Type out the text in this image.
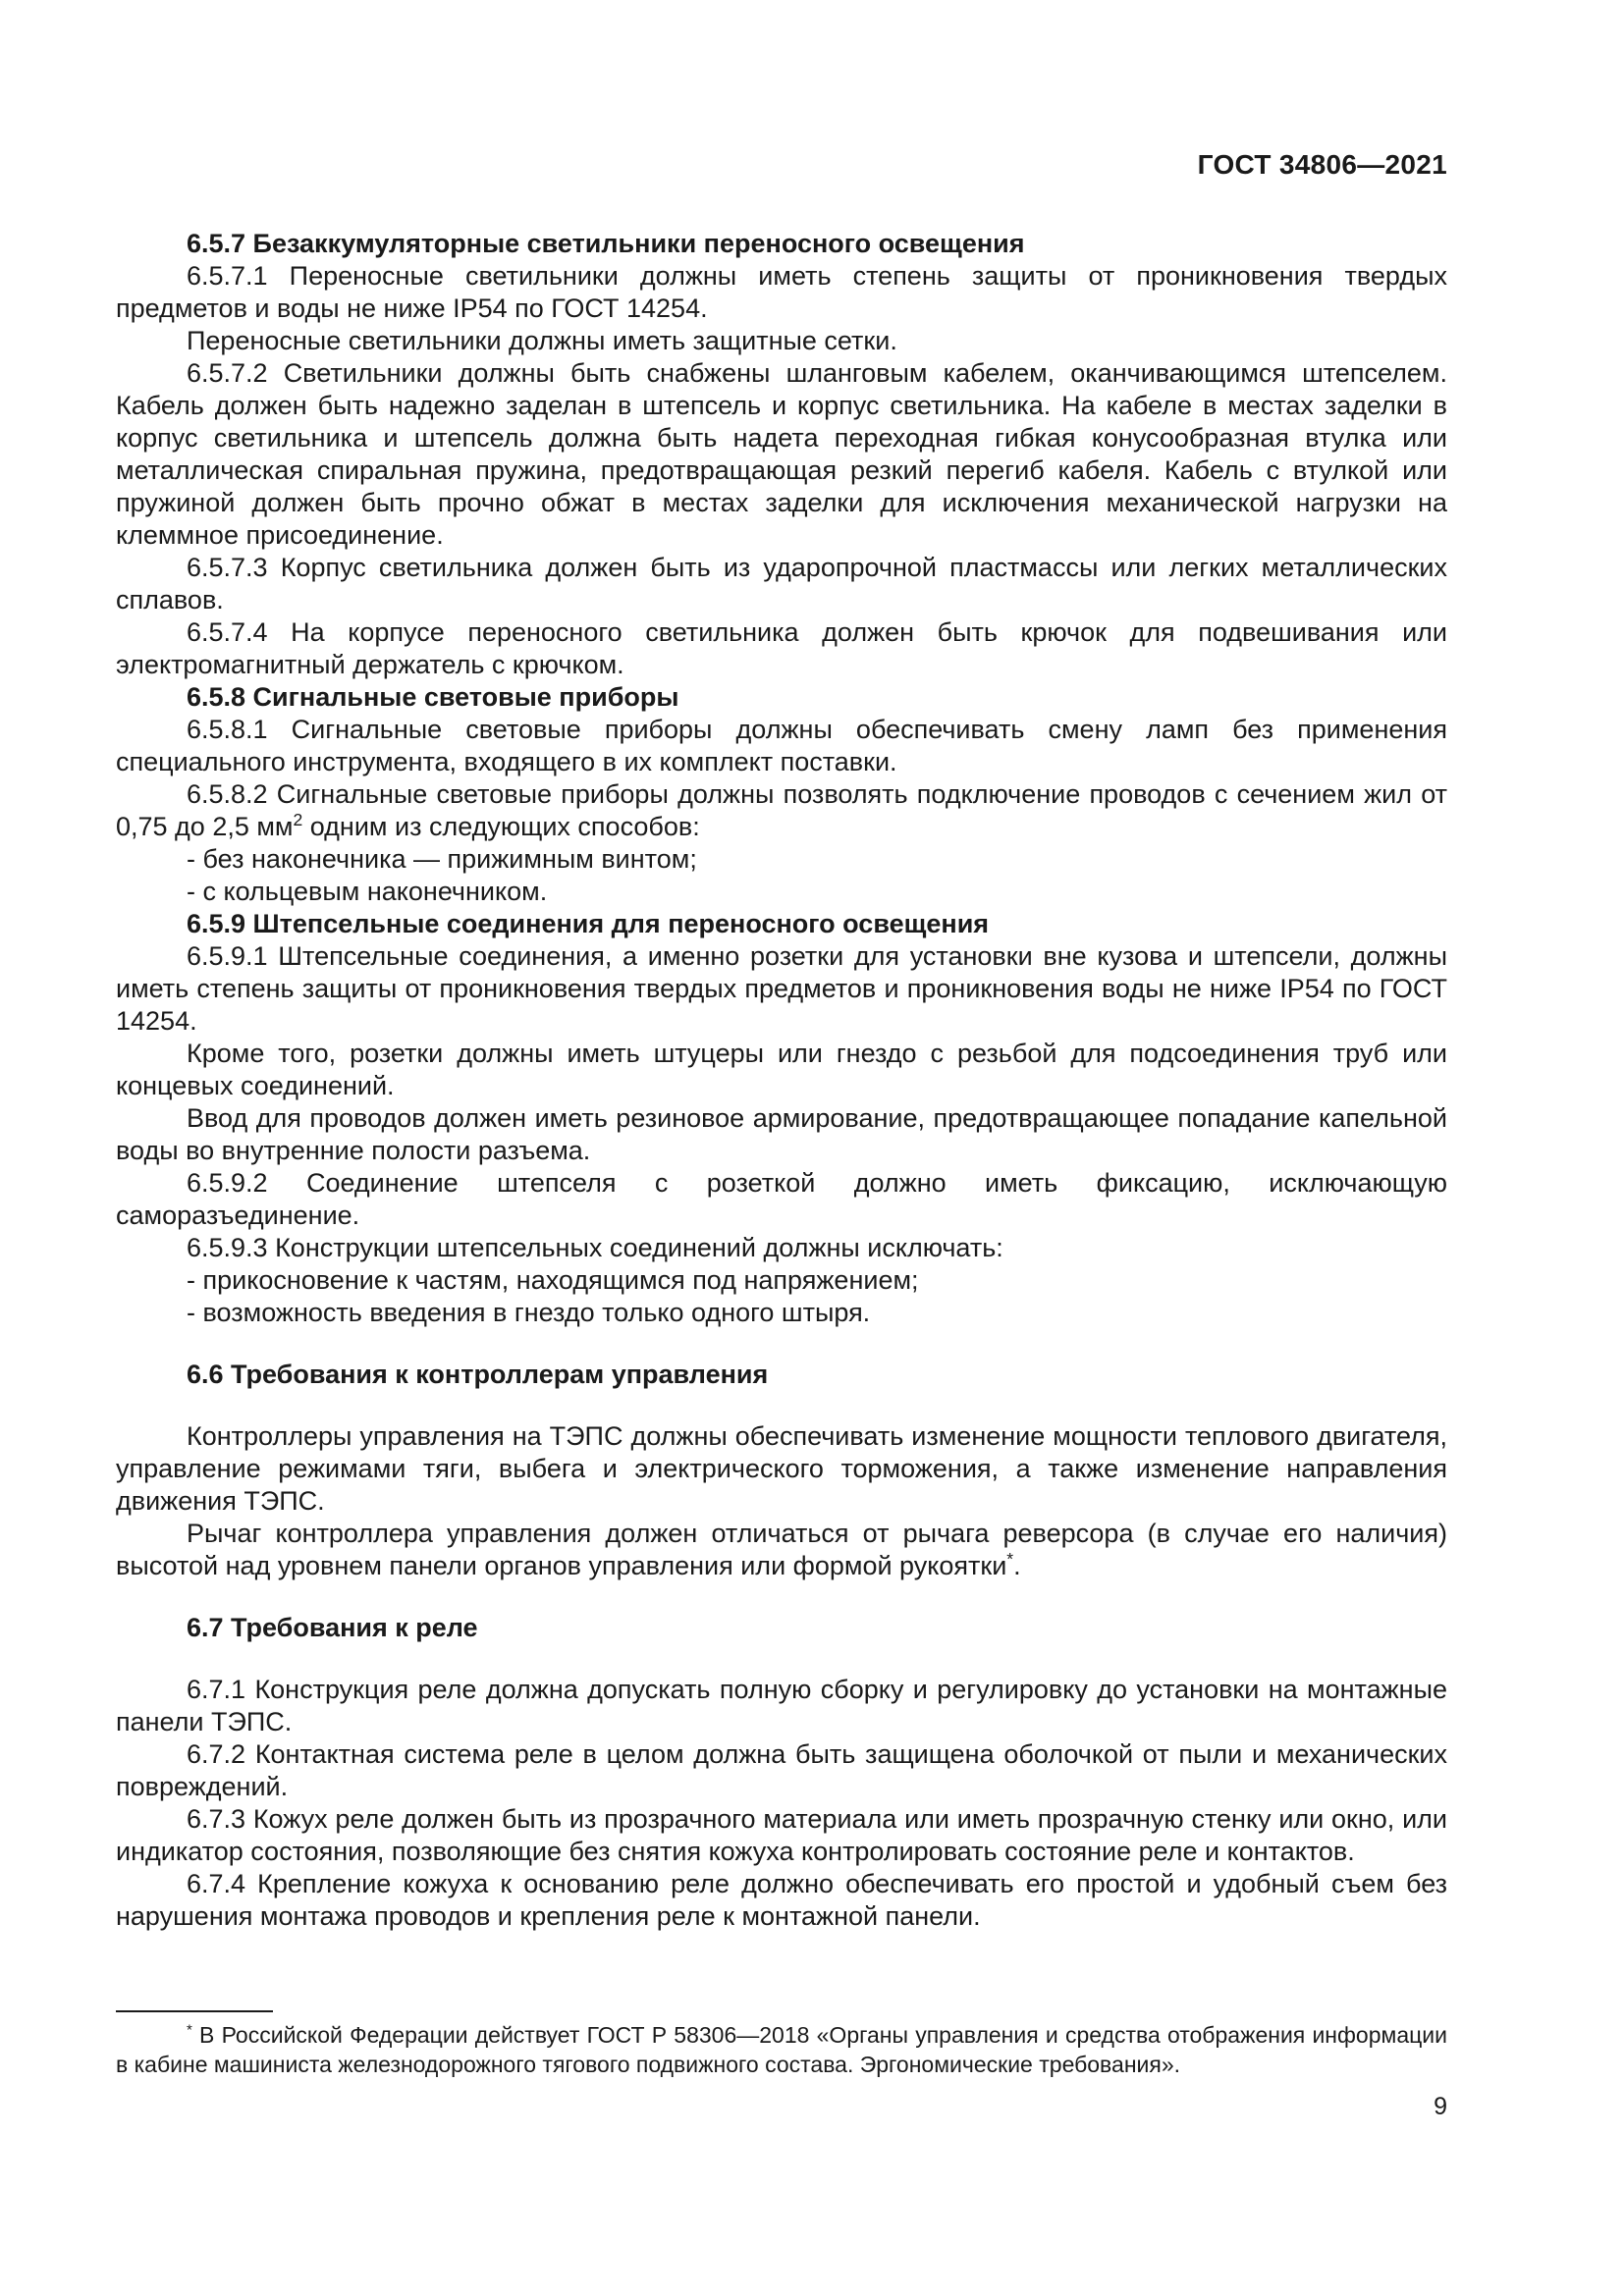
ГОСТ 34806—2021

6.5.7 Безаккумуляторные светильники переносного освещения

6.5.7.1 Переносные светильники должны иметь степень защиты от проникновения твердых предметов и воды не ниже IP54 по ГОСТ 14254.

Переносные светильники должны иметь защитные сетки.

6.5.7.2 Светильники должны быть снабжены шланговым кабелем, оканчивающимся штепселем. Кабель должен быть надежно заделан в штепсель и корпус светильника. На кабеле в местах заделки в корпус светильника и штепсель должна быть надета переходная гибкая конусообразная втулка или металлическая спиральная пружина, предотвращающая резкий перегиб кабеля. Кабель с втулкой или пружиной должен быть прочно обжат в местах заделки для исключения механической нагрузки на клеммное присоединение.

6.5.7.3 Корпус светильника должен быть из ударопрочной пластмассы или легких металлических сплавов.

6.5.7.4 На корпусе переносного светильника должен быть крючок для подвешивания или электромагнитный держатель с крючком.

6.5.8 Сигнальные световые приборы

6.5.8.1 Сигнальные световые приборы должны обеспечивать смену ламп без применения специального инструмента, входящего в их комплект поставки.

6.5.8.2 Сигнальные световые приборы должны позволять подключение проводов с сечением жил от 0,75 до 2,5 $мм^2$ одним из следующих способов:

- без наконечника — прижимным винтом;

- с кольцевым наконечником.

6.5.9 Штепсельные соединения для переносного освещения

6.5.9.1 Штепсельные соединения, а именно розетки для установки вне кузова и штепсели, должны иметь степень защиты от проникновения твердых предметов и проникновения воды не ниже IP54 по ГОСТ 14254.

Кроме того, розетки должны иметь штуцеры или гнездо с резьбой для подсоединения труб или концевых соединений.

Ввод для проводов должен иметь резиновое армирование, предотвращающее попадание капельной воды во внутренние полости разъема.

6.5.9.2 Соединение штепселя с розеткой должно иметь фиксацию, исключающую саморазъединение.

6.5.9.3 Конструкции штепсельных соединений должны исключать:

- прикосновение к частям, находящимся под напряжением;

- возможность введения в гнездо только одного штыря.

6.6 Требования к контроллерам управления

Контроллеры управления на ТЭПС должны обеспечивать изменение мощности теплового двигателя, управление режимами тяги, выбега и электрического торможения, а также изменение направления движения ТЭПС.

Рычаг контроллера управления должен отличаться от рычага реверсора (в случае его наличия) высотой над уровнем панели органов управления или формой рукоятки*.

6.7 Требования к реле

6.7.1 Конструкция реле должна допускать полную сборку и регулировку до установки на монтажные панели ТЭПС.

6.7.2 Контактная система реле в целом должна быть защищена оболочкой от пыли и механических повреждений.

6.7.3 Кожух реле должен быть из прозрачного материала или иметь прозрачную стенку или окно, или индикатор состояния, позволяющие без снятия кожуха контролировать состояние реле и контактов.

6.7.4 Крепление кожуха к основанию реле должно обеспечивать его простой и удобный съем без нарушения монтажа проводов и крепления реле к монтажной панели.

* В Российской Федерации действует ГОСТ Р 58306—2018 «Органы управления и средства отображения информации в кабине машиниста железнодорожного тягового подвижного состава. Эргономические требования».
9
